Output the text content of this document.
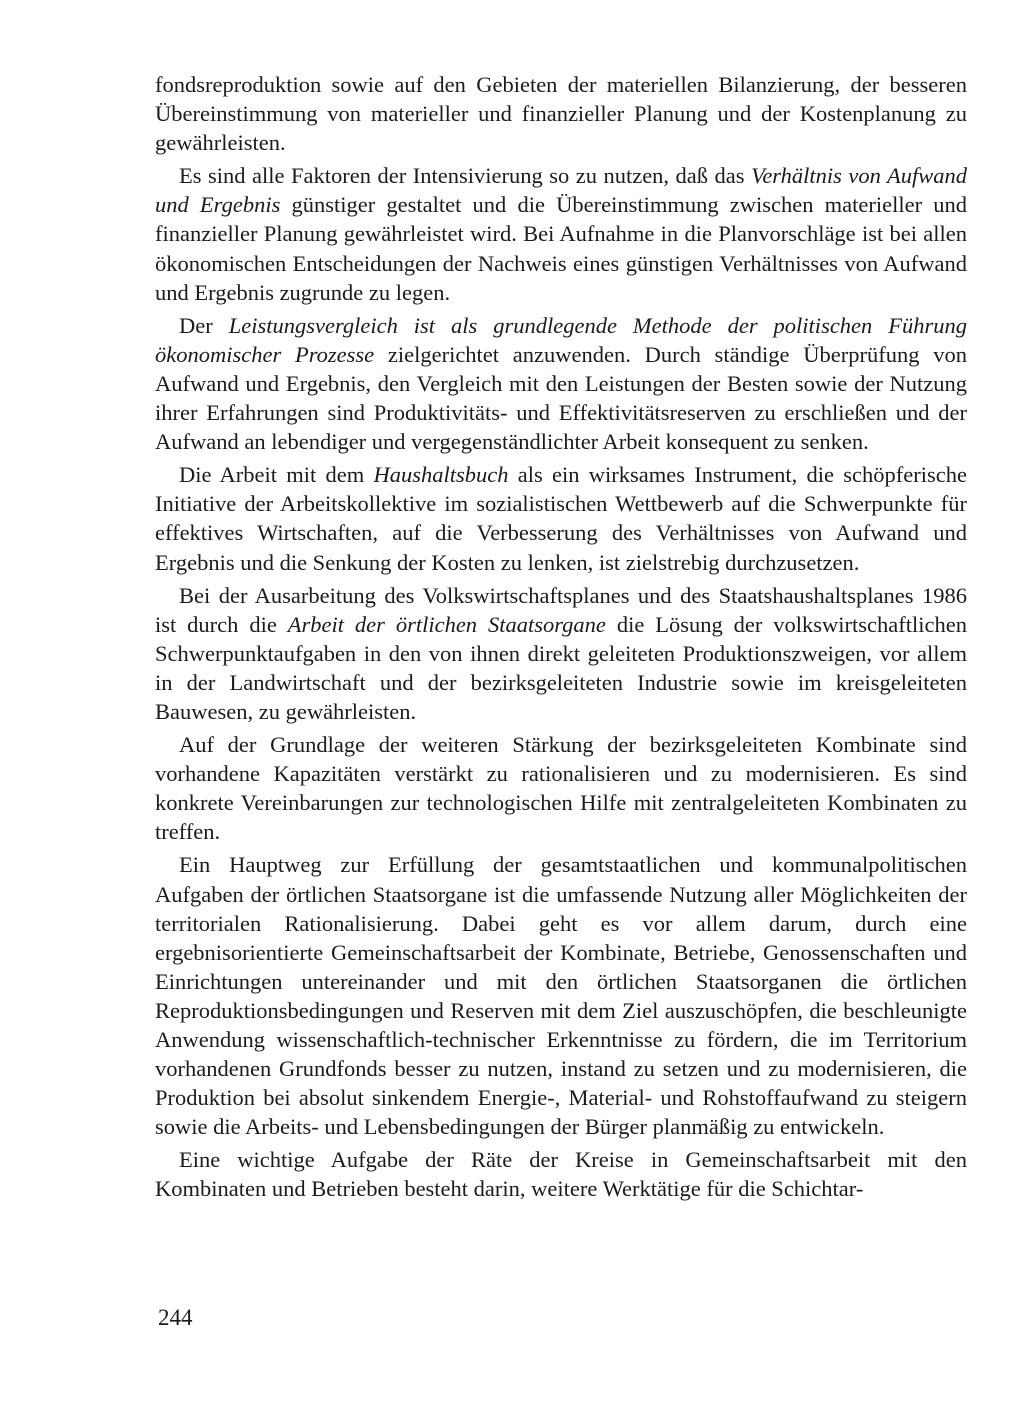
fondsreproduktion sowie auf den Gebieten der materiellen Bilanzierung, der besseren Übereinstimmung von materieller und finanzieller Planung und der Kostenplanung zu gewährleisten.

Es sind alle Faktoren der Intensivierung so zu nutzen, daß das Verhältnis von Aufwand und Ergebnis günstiger gestaltet und die Übereinstimmung zwischen materieller und finanzieller Planung gewährleistet wird. Bei Aufnahme in die Planvorschläge ist bei allen ökonomischen Entscheidungen der Nachweis eines günstigen Verhältnisses von Aufwand und Ergebnis zugrunde zu legen.

Der Leistungsvergleich ist als grundlegende Methode der politischen Führung ökonomischer Prozesse zielgerichtet anzuwenden. Durch ständige Überprüfung von Aufwand und Ergebnis, den Vergleich mit den Leistungen der Besten sowie der Nutzung ihrer Erfahrungen sind Produktivitäts- und Effektivitätsreserven zu erschließen und der Aufwand an lebendiger und vergegenständlichter Arbeit konsequent zu senken.

Die Arbeit mit dem Haushaltsbuch als ein wirksames Instrument, die schöpferische Initiative der Arbeitskollektive im sozialistischen Wettbewerb auf die Schwerpunkte für effektives Wirtschaften, auf die Verbesserung des Verhältnisses von Aufwand und Ergebnis und die Senkung der Kosten zu lenken, ist zielstrebig durchzusetzen.

Bei der Ausarbeitung des Volkswirtschaftsplanes und des Staatshaushaltsplanes 1986 ist durch die Arbeit der örtlichen Staatsorgane die Lösung der volkswirtschaftlichen Schwerpunktaufgaben in den von ihnen direkt geleiteten Produktionszweigen, vor allem in der Landwirtschaft und der bezirksgeleiteten Industrie sowie im kreisgeleiteten Bauwesen, zu gewährleisten.

Auf der Grundlage der weiteren Stärkung der bezirksgeleiteten Kombinate sind vorhandene Kapazitäten verstärkt zu rationalisieren und zu modernisieren. Es sind konkrete Vereinbarungen zur technologischen Hilfe mit zentralgeleiteten Kombinaten zu treffen.

Ein Hauptweg zur Erfüllung der gesamtstaatlichen und kommunalpolitischen Aufgaben der örtlichen Staatsorgane ist die umfassende Nutzung aller Möglichkeiten der territorialen Rationalisierung. Dabei geht es vor allem darum, durch eine ergebnisorientierte Gemeinschaftsarbeit der Kombinate, Betriebe, Genossenschaften und Einrichtungen untereinander und mit den örtlichen Staatsorganen die örtlichen Reproduktionsbedingungen und Reserven mit dem Ziel auszuschöpfen, die beschleunigte Anwendung wissenschaftlich-technischer Erkenntnisse zu fördern, die im Territorium vorhandenen Grundfonds besser zu nutzen, instand zu setzen und zu modernisieren, die Produktion bei absolut sinkendem Energie-, Material- und Rohstoffaufwand zu steigern sowie die Arbeits- und Lebensbedingungen der Bürger planmäßig zu entwickeln.

Eine wichtige Aufgabe der Räte der Kreise in Gemeinschaftsarbeit mit den Kombinaten und Betrieben besteht darin, weitere Werktätige für die Schichtar-

244
